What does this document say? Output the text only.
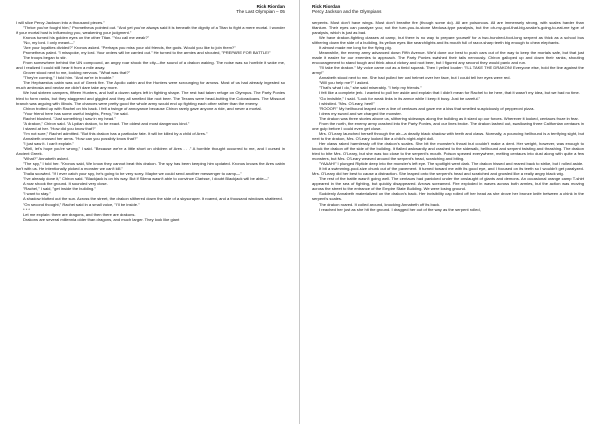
Rick Riordan
The Last Olympian – 05

I will slice Percy Jackson into a thousand pieces."

"Thrice you've fought him," Prometheus pointed out. "And yet you've always said it is beneath the dignity of a Titan to fight a mere mortal. I wonder if your mortal host is influencing you, weakening your judgment."

Kronos turned his golden eyes on the other Titan. "You call me weak?"

"No, my lord. I only meant—"

"Are your loyalties divided?" Kronos asked. "Perhaps you miss your old friends, the gods. Would you like to join them?"

Prometheus paled. "I misspoke, my lord. Your orders will be carried out." He turned to the armies and shouted, "PREPARE FOR BATTLE!"

The troops began to stir.

From somewhere behind the UN compound, an angry roar shook the city—the sound of a drakon waking. The noise was so horrible it woke me, and I realized I could still hear it from a mile away.

Grover stood next to me, looking nervous. "What was that?"

"They're coming," I told him. "And we're in trouble."

The Hephaestus cabin was out of Greek fire. The Apollo cabin and the Hunters were scrounging for arrows. Most of us had already ingested so much ambrosia and nectar we didn't dare take any more.

We had sixteen campers, fifteen Hunters, and half a dozen satyrs left in fighting shape. The rest had taken refuge on Olympus. The Party Ponies tried to form ranks, but they staggered and giggled and they all smelled like root beer. The Texans were head-butting the Coloradoans. The Missouri branch was arguing with Illinois. The chances were pretty good the whole army would end up fighting each other rather than the enemy.

Chiron trotted up with Rachel on his back. I felt a twinge of annoyance because Chiron rarely gave anyone a ride, and never a mortal.

"Your friend here has some useful insights, Percy," he said.

Rachel blushed. "Just something I saw in my head."

"A drakon," Chiron said. "A Lydian drakon, to be exact. The oldest and most dangerous kind."

I stared at her. "How did you know that?"

"I'm not sure," Rachel admitted. "But this drakon has a particular fate. It will be killed by a child of Ares."

Annabeth crossed her arms. "How can you possibly know that?"

"I just saw it. I can't explain."

"Well, let's hope you're wrong," I said. "Because we're a little short on children of Ares . . ." A horrible thought occurred to me, and I cursed in Ancient Greek.

"What?" Annabeth asked.

"The spy," I told her. "Kronos said, We know they cannot beat this drakon. The spy has been keeping him updated. Kronos knows the Ares cabin isn't with us. He intentionally picked a monster we can't kill."

Thalia scowled. "If I ever catch your spy, he's going to be very sorry. Maybe we could send another messenger to camp—"

"I've already done it," Chiron said. "Blackjack is on his way. But if Silena wasn't able to convince Clarisse, I doubt Blackjack will be able—"

A roar shook the ground. It sounded very close.

"Rachel," I said, "get inside the building."

"I want to stay."

A shadow blotted out the sun. Across the street, the drakon slithered down the side of a skyscraper. It roared, and a thousand windows shattered.

"On second thought," Rachel said in a small voice, "I'll be inside."

* * *

Let me explain: there are dragons, and then there are drakons.

Drakons are several millennia older than dragons, and much larger. They look like giant

Rick Riordan
Percy Jackson and the Olympians

serpents. Most don't have wings. Most don't breathe fire (though some do). All are poisonous. All are immensely strong, with scales harder than titanium. Their eyes can paralyze you; not the turn-you-to-stone Medusa-type paralysis, but the oh-my-god-that-big-snake's-going-to-eat-me type of paralysis, which is just as bad.

We have drakon-fighting classes at camp, but there is no way to prepare yourself for a two-hundred-foot-long serpent as thick as a school bus slithering down the side of a building, its yellow eyes like searchlights and its mouth full of razor-sharp teeth big enough to chew elephants.

It almost made me long for the flying pig.

Meanwhile, the enemy army advanced down Fifth Avenue. We'd done our best to push cars out of the way to keep the mortals safe, but that just made it easier for our enemies to approach. The Party Ponies swished their tails nervously. Chiron galloped up and down their ranks, shouting encouragement to stand tough and think about victory and root beer, but I figured any second they would panic and run.

"I'll take the drakon." My voice came out as a timid squeak. Then I yelled louder: "I'LL TAKE THE DRAKON! Everyone else, hold the line against the army!"

Annabeth stood next to me. She had pulled her owl helmet over her face, but I could tell her eyes were red.

"Will you help me?" I asked.

"That's what I do," she said miserably. "I help my friends."

I felt like a complete jerk. I wanted to pull her aside and explain that I didn't mean for Rachel to be here, that it wasn't my idea, but we had no time.

"Go invisible," I said. "Look for weak links in its armor while I keep it busy. Just be careful."

I whistled. "Mrs. O'Leary, heel!"

"ROOOF!" My hellhound leaped over a line of centaurs and gave me a kiss that smelled suspiciously of pepperoni pizza.

I drew my sword and we charged the monster.

The drakon was three stories above us, slithering sideways along the building as it sized up our forces. Wherever it looked, centaurs froze in fear.

From the north, the enemy army crashed into the Party Ponies, and our lines broke. The drakon lashed out, swallowing three Californian centaurs in one gulp before I could even get close.

Mrs. O'Leary launched herself through the air—a deadly black shadow with teeth and claws. Normally, a pouncing hellhound is a terrifying sight, but next to the drakon, Mrs. O'Leary looked like a child's night-night doll.

Her claws raked harmlessly off the drakon's scales. She bit the monster's throat but couldn't make a dent. Her weight, however, was enough to knock the drakon off the side of the building. It flailed awkwardly and crashed to the sidewalk, hellhound and serpent twisting and thrashing. The drakon tried to bite Mrs. O'Leary, but she was too close to the serpent's mouth. Poison spewed everywhere, melting centaurs into dust along with quite a few monsters, but Mrs. O'Leary weaved around the serpent's head, scratching and biting.

"YAAAH!" I plunged Riptide deep into the monster's left eye. The spotlight went dark. The drakon hissed and reared back to strike, but I rolled aside.

It bit a swimming-pool-size chunk out of the pavement. It turned toward me with its good eye, and I focused on its teeth so I wouldn't get paralyzed. Mrs. O'Leary did her best to cause a distraction. She leaped onto the serpent's head and scratched and growled like a really angry black wig.

The rest of the battle wasn't going well. The centaurs had panicked under the onslaught of giants and demons. An occasional orange camp T-shirt appeared in the sea of fighting, but quickly disappeared. Arrows screamed. Fire exploded in waves across both armies, but the action was moving across the street to the entrance of the Empire State Building. We were losing ground.

Suddenly Annabeth materialized on the drakon's back. Her invisibility cap rolled off her head as she drove her bronze knife between a chink in the serpent's scales.

The drakon roared. It coiled around, knocking Annabeth off its back.

I reached her just as she hit the ground. I dragged her out of the way as the serpent rolled,
